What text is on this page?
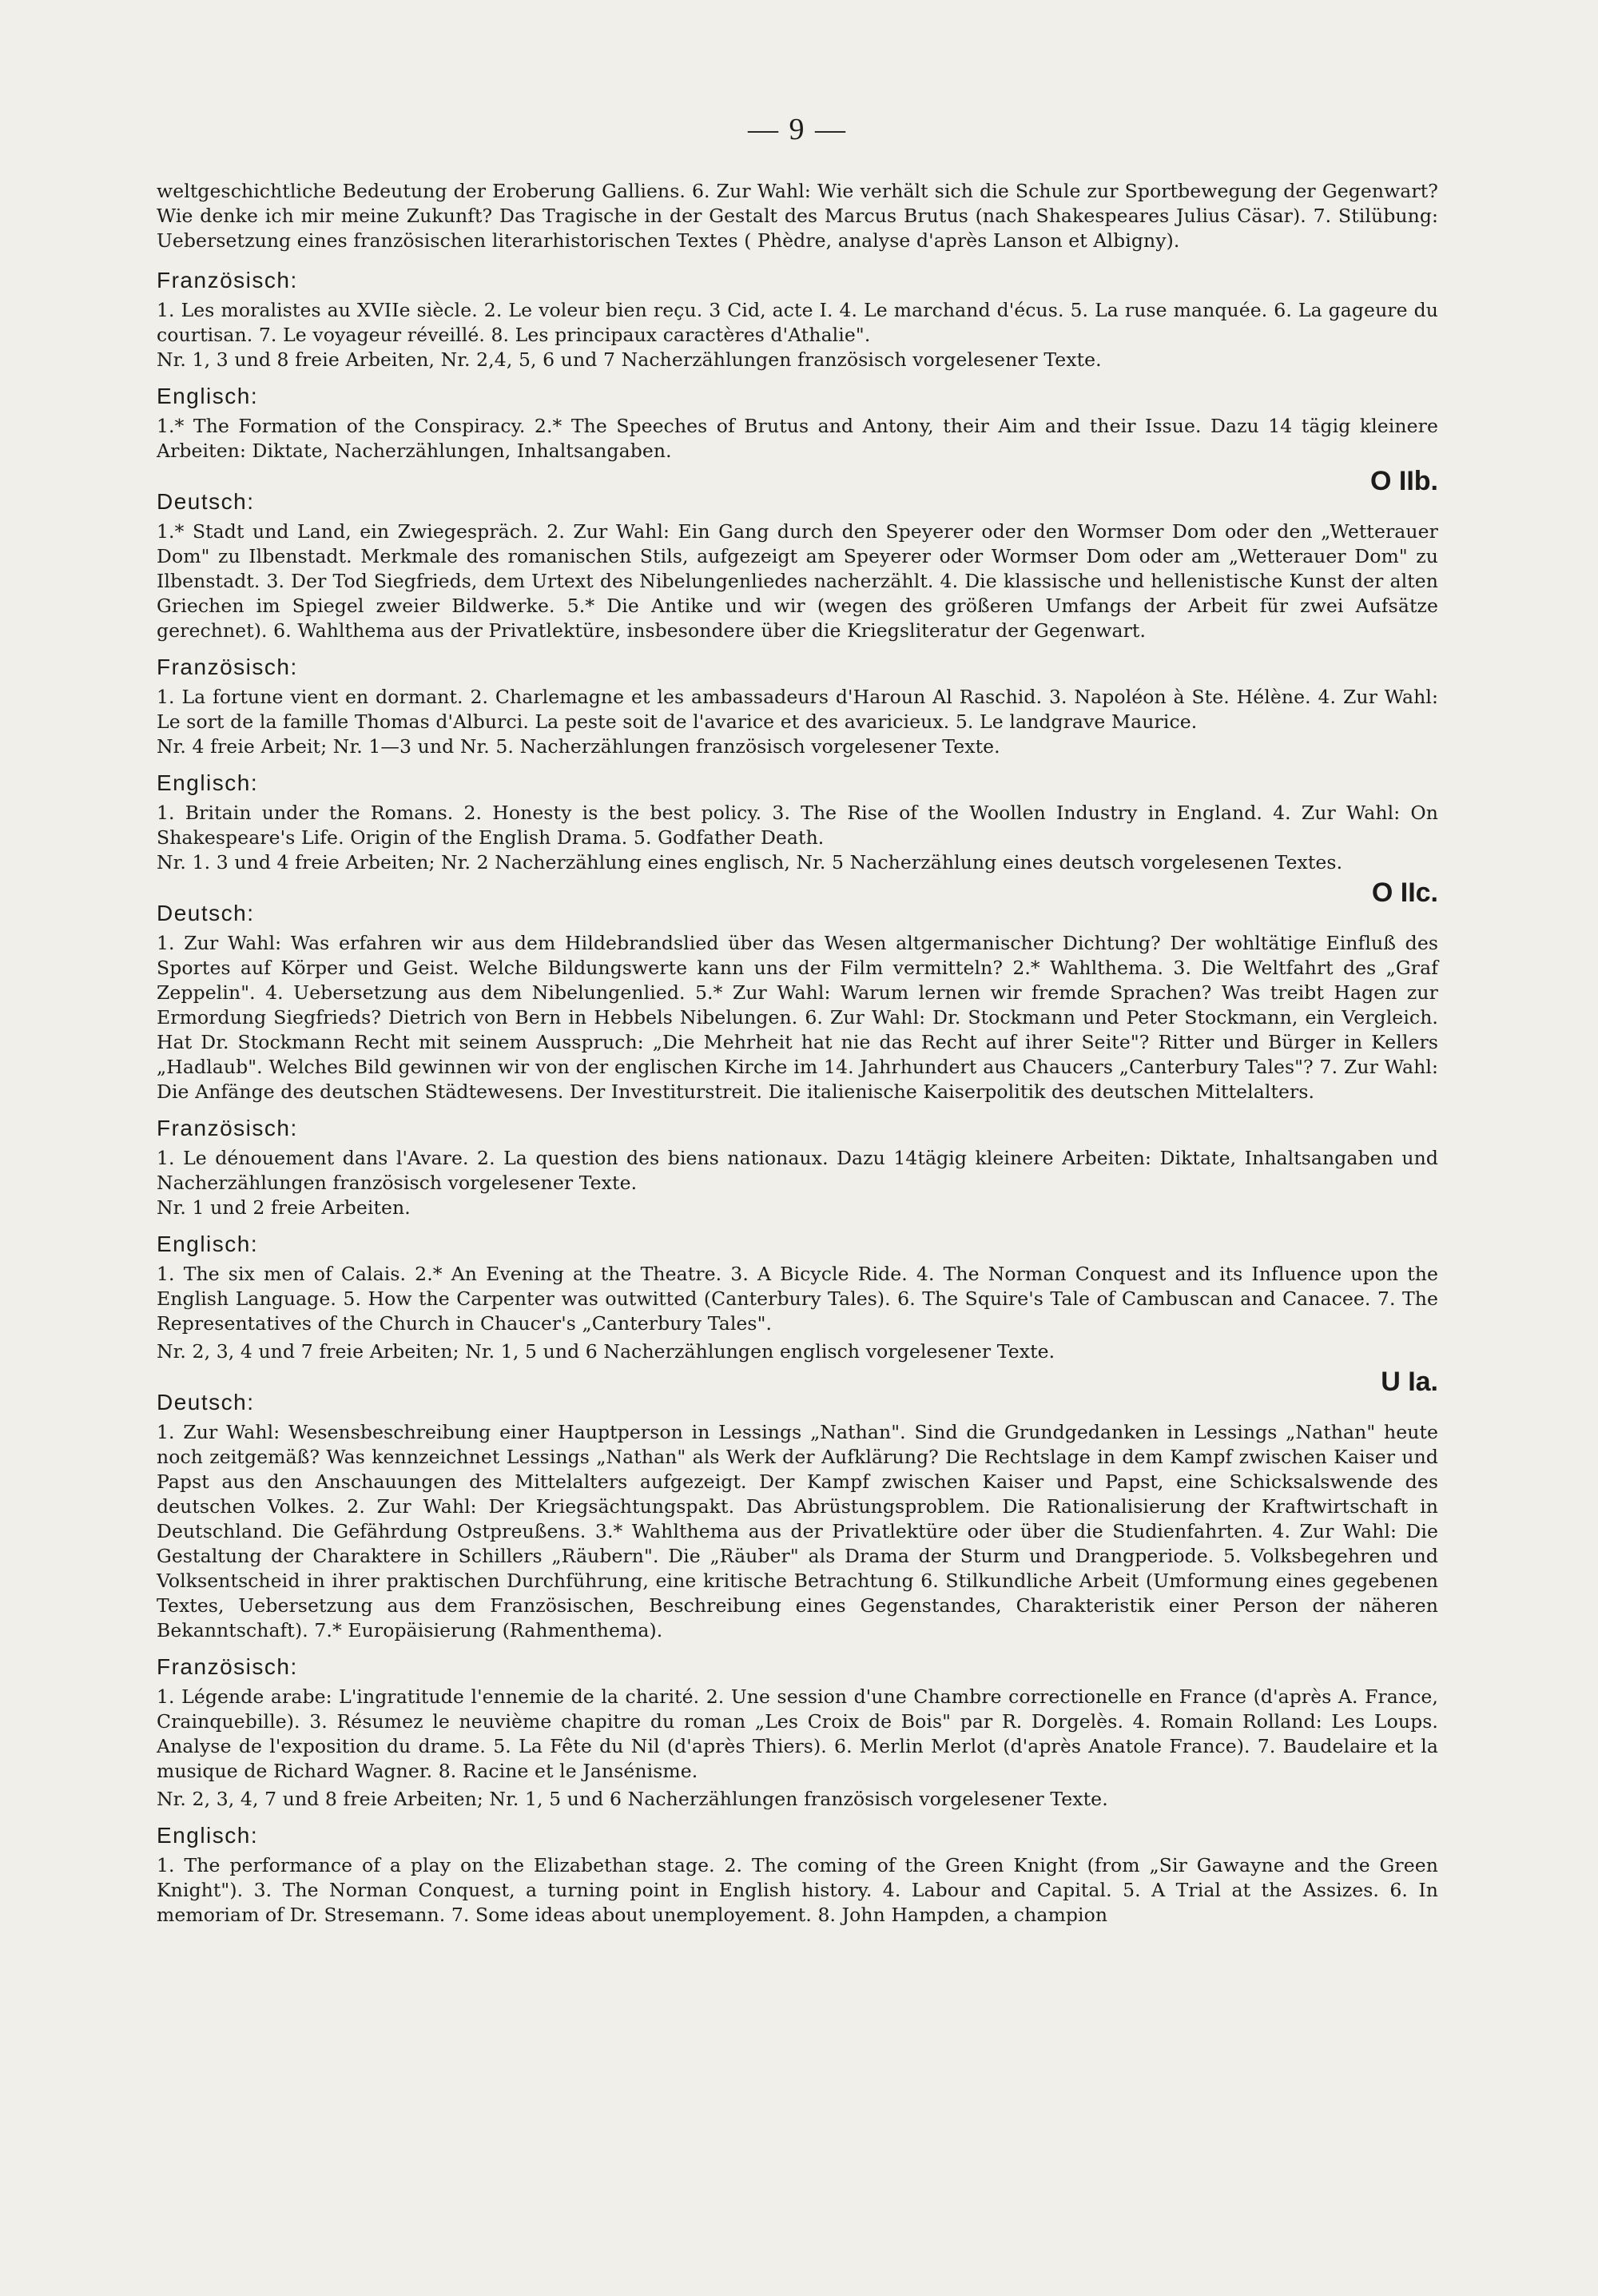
— 9 —

weltgeschichtliche Bedeutung der Eroberung Galliens. 6. Zur Wahl: Wie verhält sich die Schule zur Sportbewegung der Gegenwart? Wie denke ich mir meine Zukunft? Das Tragische in der Gestalt des Marcus Brutus (nach Shakespeares Julius Cäsar). 7. Stilübung: Uebersetzung eines französischen literarhistorischen Textes ( Phèdre, analyse d'après Lanson et Albigny).

Französisch:

1. Les moralistes au XVIIe siècle. 2. Le voleur bien reçu. 3 Cid, acte I. 4. Le marchand d'écus. 5. La ruse manquée. 6. La gageure du courtisan. 7. Le voyageur réveillé. 8. Les principaux caractères d'Athalie".

Nr. 1, 3 und 8 freie Arbeiten, Nr. 2,4, 5, 6 und 7 Nacherzählungen französisch vorgelesener Texte.

Englisch:

1.* The Formation of the Conspiracy. 2.* The Speeches of Brutus and Antony, their Aim and their Issue. Dazu 14 tägig kleinere Arbeiten: Diktate, Nacherzählungen, Inhaltsangaben.

O IIb.
Deutsch:

1.* Stadt und Land, ein Zwiegespräch. 2. Zur Wahl: Ein Gang durch den Speyerer oder den Wormser Dom oder den „Wetterauer Dom" zu Ilbenstadt. Merkmale des romanischen Stils, aufgezeigt am Speyerer oder Wormser Dom oder am „Wetterauer Dom" zu Ilbenstadt. 3. Der Tod Siegfrieds, dem Urtext des Nibelungenliedes nacherzählt. 4. Die klassische und hellenistische Kunst der alten Griechen im Spiegel zweier Bildwerke. 5.* Die Antike und wir (wegen des größeren Umfangs der Arbeit für zwei Aufsätze gerechnet). 6. Wahlthema aus der Privatlektüre, insbesondere über die Kriegsliteratur der Gegenwart.

Französisch:

1. La fortune vient en dormant. 2. Charlemagne et les ambassadeurs d'Haroun Al Raschid. 3. Napoléon à Ste. Hélène. 4. Zur Wahl: Le sort de la famille Thomas d'Alburci. La peste soit de l'avarice et des avaricieux. 5. Le landgrave Maurice.

Nr. 4 freie Arbeit; Nr. 1—3 und Nr. 5. Nacherzählungen französisch vorgelesener Texte.

Englisch:

1. Britain under the Romans. 2. Honesty is the best policy. 3. The Rise of the Woollen Industry in England. 4. Zur Wahl: On Shakespeare's Life. Origin of the English Drama. 5. Godfather Death.

Nr. 1. 3 und 4 freie Arbeiten; Nr. 2 Nacherzählung eines englisch, Nr. 5 Nacherzählung eines deutsch vorgelesenen Textes.

O IIc.
Deutsch:

1. Zur Wahl: Was erfahren wir aus dem Hildebrandslied über das Wesen altgermanischer Dichtung? Der wohltätige Einfluß des Sportes auf Körper und Geist. Welche Bildungswerte kann uns der Film vermitteln? 2.* Wahlthema. 3. Die Weltfahrt des „Graf Zeppelin". 4. Uebersetzung aus dem Nibelungenlied. 5.* Zur Wahl: Warum lernen wir fremde Sprachen? Was treibt Hagen zur Ermordung Siegfrieds? Dietrich von Bern in Hebbels Nibelungen. 6. Zur Wahl: Dr. Stockmann und Peter Stockmann, ein Vergleich. Hat Dr. Stockmann Recht mit seinem Ausspruch: „Die Mehrheit hat nie das Recht auf ihrer Seite"? Ritter und Bürger in Kellers „Hadlaub". Welches Bild gewinnen wir von der englischen Kirche im 14. Jahrhundert aus Chaucers „Canterbury Tales"? 7. Zur Wahl: Die Anfänge des deutschen Städtewesens. Der Investiturstreit. Die italienische Kaiserpolitik des deutschen Mittelalters.

Französisch:

1. Le dénouement dans l'Avare. 2. La question des biens nationaux. Dazu 14tägig kleinere Arbeiten: Diktate, Inhaltsangaben und Nacherzählungen französisch vorgelesener Texte.

Nr. 1 und 2 freie Arbeiten.

Englisch:

1. The six men of Calais. 2.* An Evening at the Theatre. 3. A Bicycle Ride. 4. The Norman Conquest and its Influence upon the English Language. 5. How the Carpenter was outwitted (Canterbury Tales). 6. The Squire's Tale of Cambuscan and Canacee. 7. The Representatives of the Church in Chaucer's „Canterbury Tales".

Nr. 2, 3, 4 und 7 freie Arbeiten; Nr. 1, 5 und 6 Nacherzählungen englisch vorgelesener Texte.

U Ia.
Deutsch:

1. Zur Wahl: Wesensbeschreibung einer Hauptperson in Lessings „Nathan". Sind die Grundgedanken in Lessings „Nathan" heute noch zeitgemäß? Was kennzeichnet Lessings „Nathan" als Werk der Aufklärung? Die Rechtslage in dem Kampf zwischen Kaiser und Papst aus den Anschauungen des Mittelalters aufgezeigt. Der Kampf zwischen Kaiser und Papst, eine Schicksalswende des deutschen Volkes. 2. Zur Wahl: Der Kriegsächtungspakt. Das Abrüstungsproblem. Die Rationalisierung der Kraftwirtschaft in Deutschland. Die Gefährdung Ostpreußens. 3.* Wahlthema aus der Privatlektüre oder über die Studienfahrten. 4. Zur Wahl: Die Gestaltung der Charaktere in Schillers „Räubern". Die „Räuber" als Drama der Sturm und Drangperiode. 5. Volksbegehren und Volksentscheid in ihrer praktischen Durchführung, eine kritische Betrachtung 6. Stilkundliche Arbeit (Umformung eines gegebenen Textes, Uebersetzung aus dem Französischen, Beschreibung eines Gegenstandes, Charakteristik einer Person der näheren Bekanntschaft). 7.* Europäisierung (Rahmenthema).

Französisch:

1. Légende arabe: L'ingratitude l'ennemie de la charité. 2. Une session d'une Chambre correctionelle en France (d'après A. France, Crainquebille). 3. Résumez le neuvième chapitre du roman „Les Croix de Bois" par R. Dorgelès. 4. Romain Rolland: Les Loups. Analyse de l'exposition du drame. 5. La Fête du Nil (d'après Thiers). 6. Merlin Merlot (d'après Anatole France). 7. Baudelaire et la musique de Richard Wagner. 8. Racine et le Jansénisme.

Nr. 2, 3, 4, 7 und 8 freie Arbeiten; Nr. 1, 5 und 6 Nacherzählungen französisch vorgelesener Texte.

Englisch:

1. The performance of a play on the Elizabethan stage. 2. The coming of the Green Knight (from „Sir Gawayne and the Green Knight"). 3. The Norman Conquest, a turning point in English history. 4. Labour and Capital. 5. A Trial at the Assizes. 6. In memoriam of Dr. Stresemann. 7. Some ideas about unemployement. 8. John Hampden, a champion
